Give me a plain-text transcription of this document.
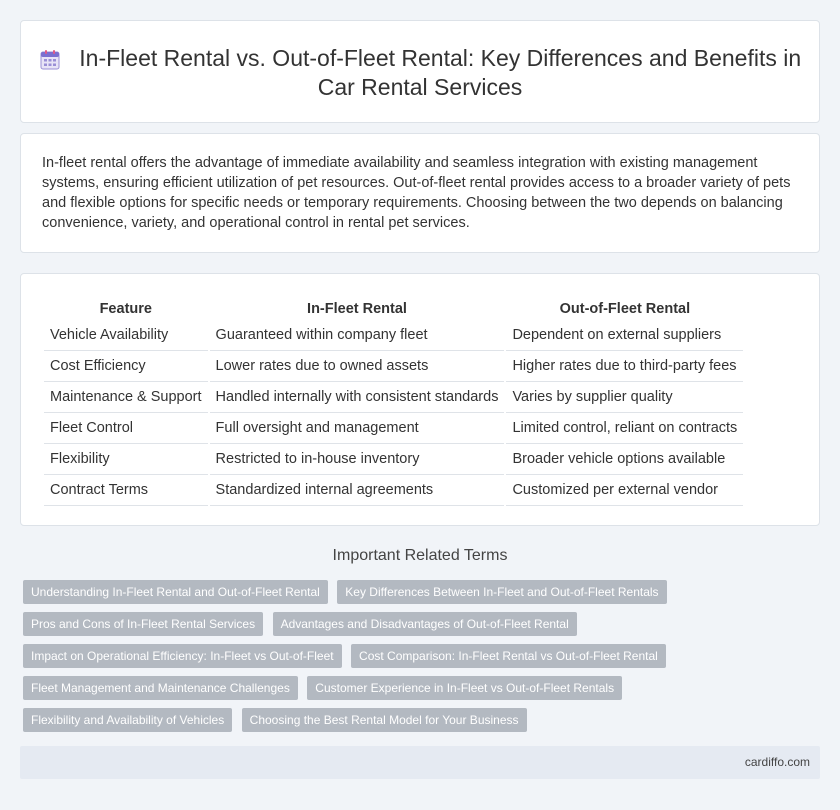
In-Fleet Rental vs. Out-of-Fleet Rental: Key Differences and Benefits in Car Rental Services

In-fleet rental offers the advantage of immediate availability and seamless integration with existing management systems, ensuring efficient utilization of pet resources. Out-of-fleet rental provides access to a broader variety of pets and flexible options for specific needs or temporary requirements. Choosing between the two depends on balancing convenience, variety, and operational control in rental pet services.

Feature	In-Fleet Rental	Out-of-Fleet Rental
Vehicle Availability	Guaranteed within company fleet	Dependent on external suppliers
Cost Efficiency	Lower rates due to owned assets	Higher rates due to third-party fees
Maintenance & Support	Handled internally with consistent standards	Varies by supplier quality
Fleet Control	Full oversight and management	Limited control, reliant on contracts
Flexibility	Restricted to in-house inventory	Broader vehicle options available
Contract Terms	Standardized internal agreements	Customized per external vendor
Important Related Terms
Understanding In-Fleet Rental and Out-of-Fleet Rental Key Differences Between In-Fleet and Out-of-Fleet Rentals
Pros and Cons of In-Fleet Rental Services Advantages and Disadvantages of Out-of-Fleet Rental
Impact on Operational Efficiency: In-Fleet vs Out-of-Fleet Cost Comparison: In-Fleet Rental vs Out-of-Fleet Rental
Fleet Management and Maintenance Challenges Customer Experience in In-Fleet vs Out-of-Fleet Rentals
Flexibility and Availability of Vehicles Choosing the Best Rental Model for Your Business
cardiffo.com
